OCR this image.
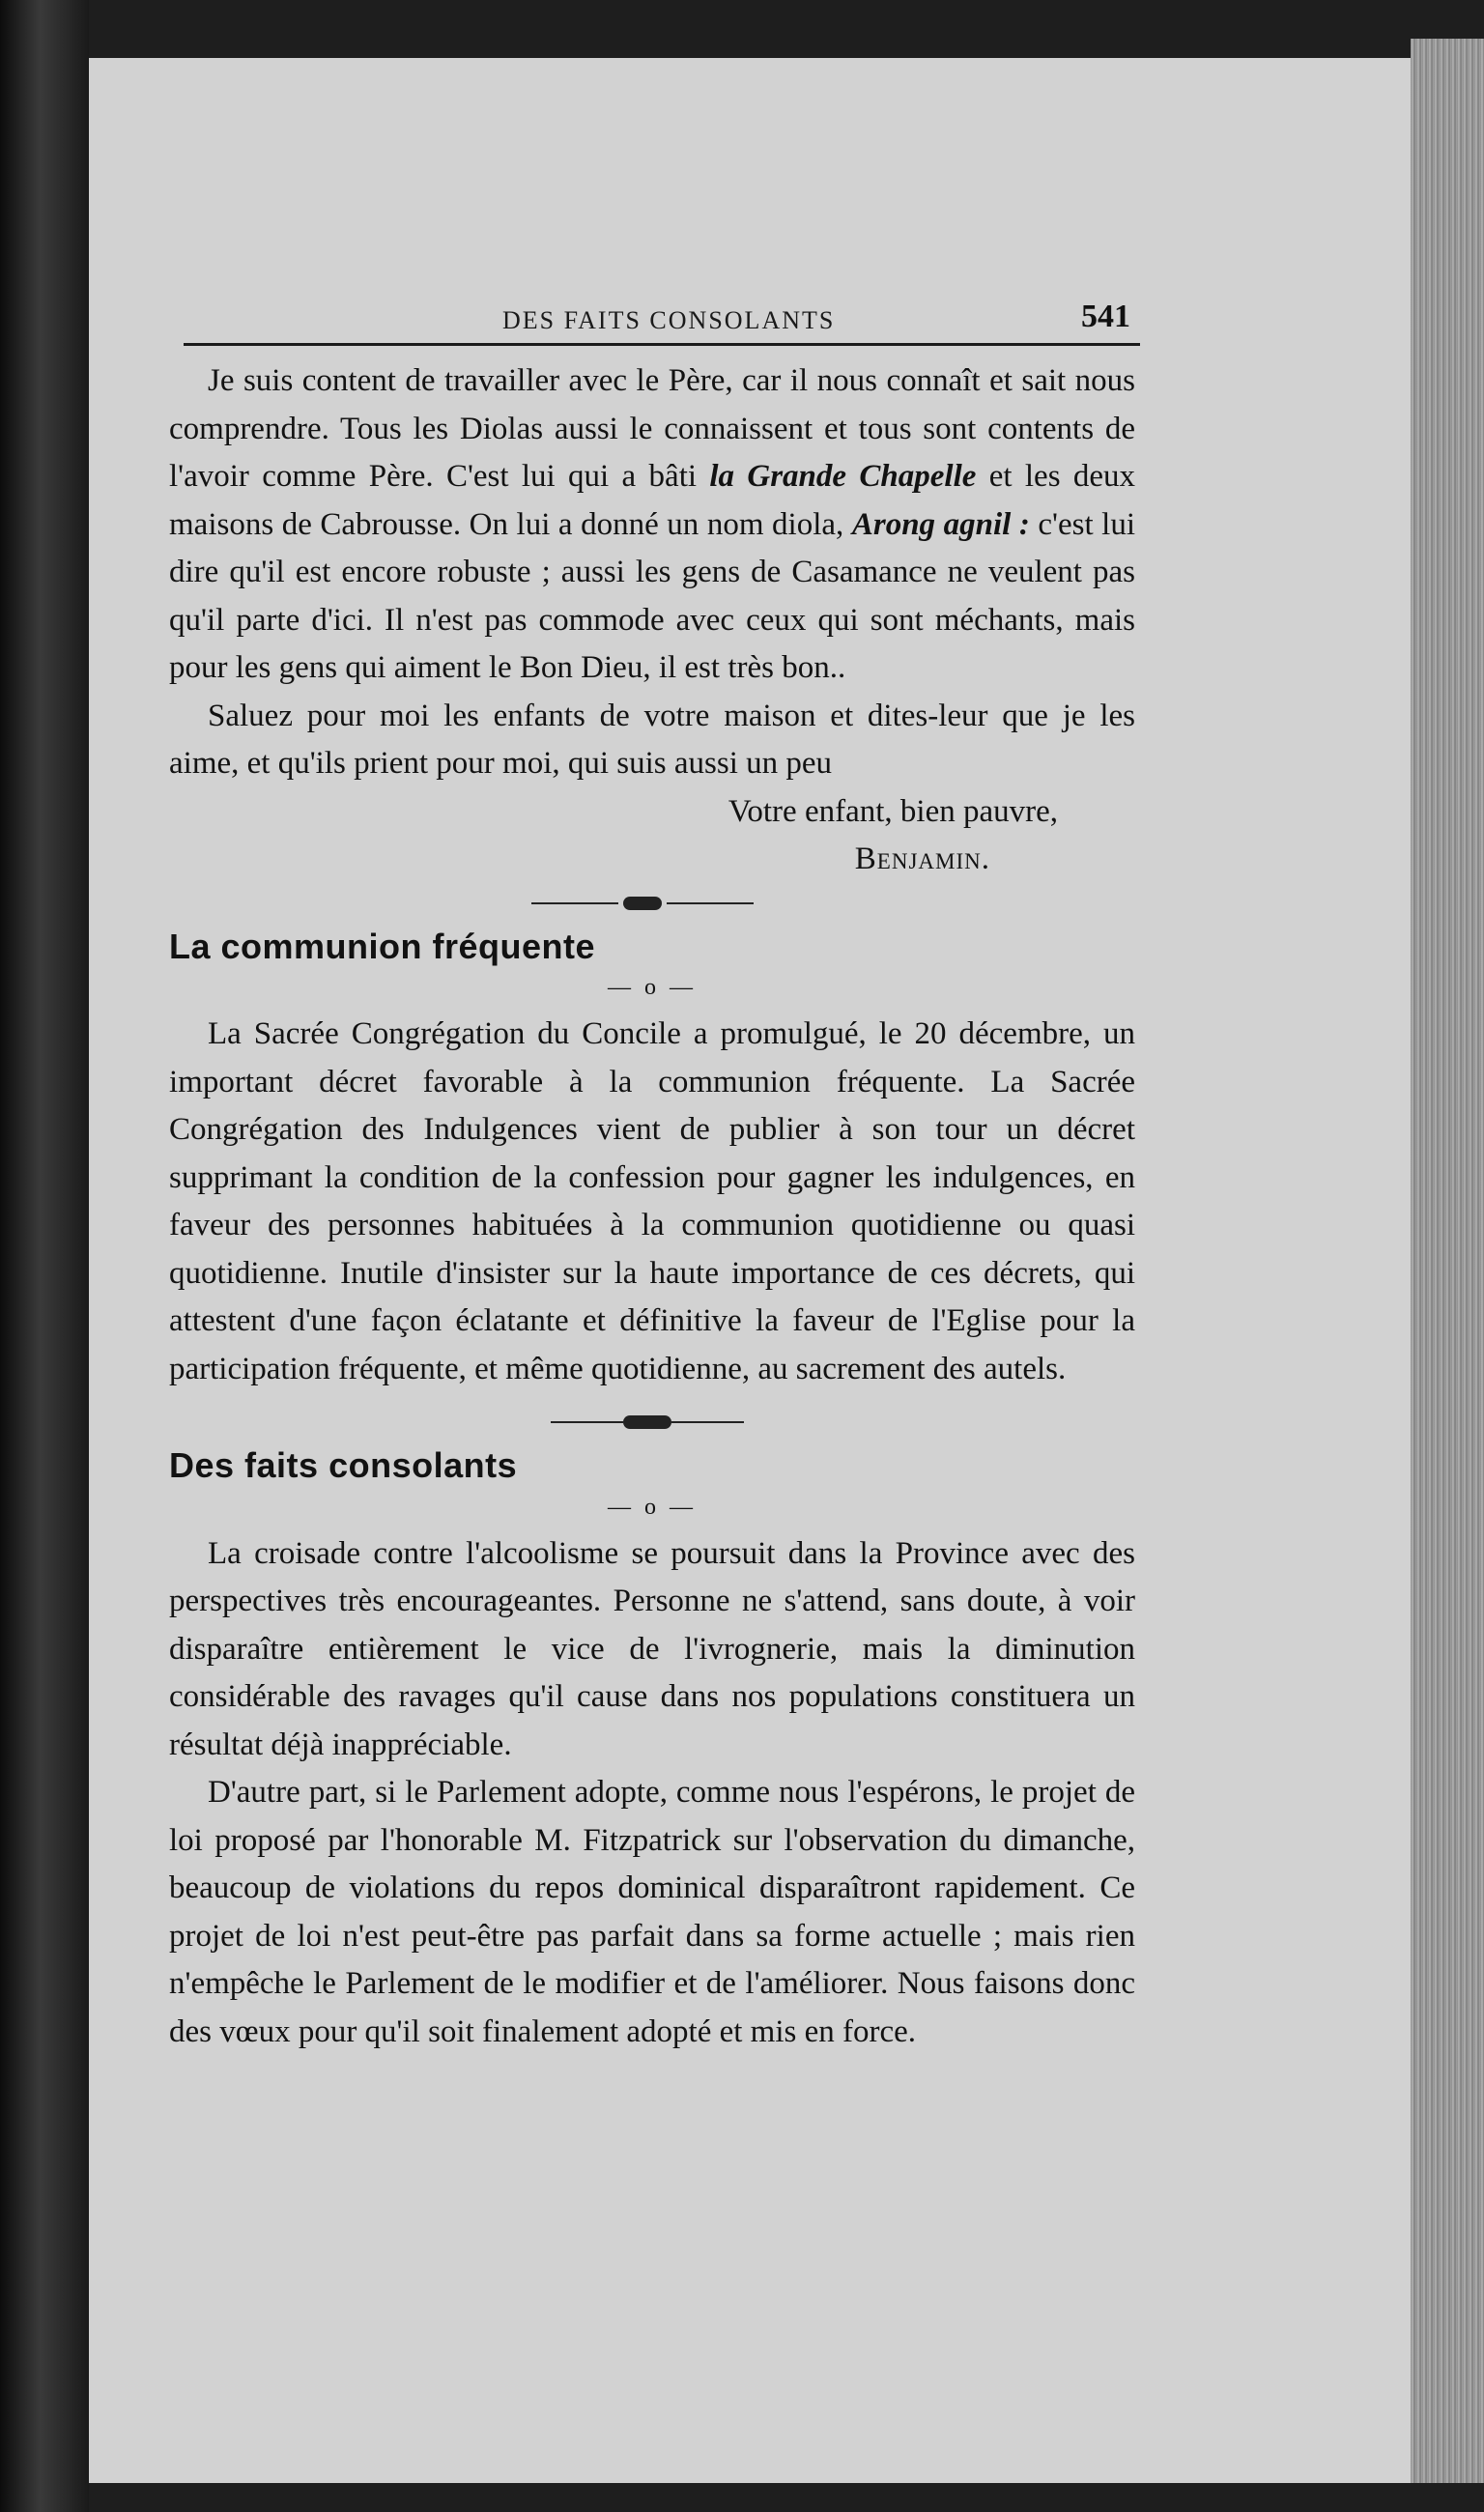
DES FAITS CONSOLANTS	541

Je suis content de travailler avec le Père, car il nous connaît et sait nous comprendre. Tous les Diolas aussi le connaissent et tous sont contents de l'avoir comme Père. C'est lui qui a bâti la Grande Chapelle et les deux maisons de Cabrousse. On lui a donné un nom diola, Arong agnil : c'est lui dire qu'il est encore robuste ; aussi les gens de Casamance ne veulent pas qu'il parte d'ici. Il n'est pas commode avec ceux qui sont méchants, mais pour les gens qui aiment le Bon Dieu, il est très bon..

Saluez pour moi les enfants de votre maison et dites-leur que je les aime, et qu'ils prient pour moi, qui suis aussi un peu

Votre enfant, bien pauvre,

Benjamin.

La communion fréquente

— o —

La Sacrée Congrégation du Concile a promulgué, le 20 décembre, un important décret favorable à la communion fréquente. La Sacrée Congrégation des Indulgences vient de publier à son tour un décret supprimant la condition de la confession pour gagner les indulgences, en faveur des personnes habituées à la communion quotidienne ou quasi quotidienne. Inutile d'insister sur la haute importance de ces décrets, qui attestent d'une façon éclatante et définitive la faveur de l'Eglise pour la participation fréquente, et même quotidienne, au sacrement des autels.

Des faits consolants

— o —

La croisade contre l'alcoolisme se poursuit dans la Province avec des perspectives très encourageantes. Personne ne s'attend, sans doute, à voir disparaître entièrement le vice de l'ivrognerie, mais la diminution considérable des ravages qu'il cause dans nos populations constituera un résultat déjà inappréciable.

D'autre part, si le Parlement adopte, comme nous l'espérons, le projet de loi proposé par l'honorable M. Fitzpatrick sur l'observation du dimanche, beaucoup de violations du repos dominical disparaîtront rapidement. Ce projet de loi n'est peut-être pas parfait dans sa forme actuelle ; mais rien n'empêche le Parlement de le modifier et de l'améliorer. Nous faisons donc des vœux pour qu'il soit finalement adopté et mis en force.
